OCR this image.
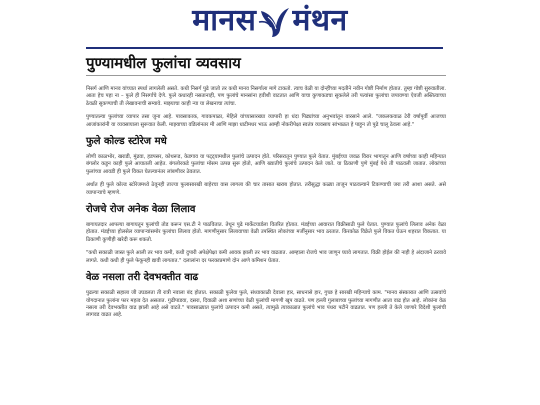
मानस मंथन
पुण्यामधील फुलांचा व्यवसाय

निसर्ग आणि मानव यांच्यात स्पर्धा लागलेली असते. कधी निसर्ग पुढे जातो तर कधी मानव निसर्गाला मागे टाकतो. त्याच वेळी या दोन्हींच्या मदतीने नवीन गोष्टी निर्माण होतात. तुम्हा गोष्टी सुरुवातीला. आता हेच पहा ना – फुले ही निसर्गाचे देणे. फुले कधारही नसतानाही, पण फुलांचे मानसांना हवीशी वाटतात आणि याचा कुणाकडचा सुकलेले तरी पत्यांसा फुलांचा जपावण्या ऐवजी अस्तित्वाच्या ठेवळी सुकण्याची ती लेखावनाची सम्यावे. माझ्याचा काही न्या या लेखनाचा त्यांचा.

पुण्यातल्या फुलांच्या व्यापार तसा जुना आहे. पावसाकाक, गावकपाळा, मेहिले यांच्यासारख्या व्यापारी हा धंदा पिढ्यांच्या अनुभवांतून वारसाने आले. "जकलकवाळ टेरी वर्षापूर्वी आजच्या आजांकारांनी या व्यवसायाला सुरूवात केली. माझ्याच्या वडिलांनतर मी आणि माझा धाटीमधर भाऊ आम्ही नोकरीपेक्षा स्वतंत्र व्यवसाय सांभाळत हे पाहून तो पुढे चालू ठेवला आहे."

फुले कोल्ड स्टोरेज मधे

लोणी काळभोर, खराडी, मुंढवा, हडपसर, कोथरूड, केडगाव या पट्ट्यामधील फुलांचे उत्पादन होते. परिसरातून पुण्यात फुले येतात. मुंबईच्या जवळ विरार भागातून आणि वर्षाच्या काही महिन्यात बंगलोर कडून काही फुले आयातली आहेत. बंगलोरकडे फुलांचा मोसम उत्पन्न सुरू होतो, आणि ख्यातीचे फुलांचे उत्पादन केले जाते. या ठिकाणी पुणे मुंबई येथे ती पाठवली जातात. लोकांच्या फुलांच्या आवडी ही फुले विकत घेतल्यानंतर लांबणीवर ठेवतात.

अर्थात ही फुले कोल्ड स्टोरेजमध्ये ठेवूनही ताज्या फुलासारखी बाहेरचा वास लागला की चार तासात खराब होतात. तरीसुद्धा कळ्या ताजून पाठवल्याने टिकण्याची जरा तरी आशा असते. असे व्यापाऱ्याचे म्हणणे.

रोजचे रोज अनेक वेळा लिलाव

बागायतदार आपल्या बागायतून फुलांची तोड करून एस.टी ने पाठवितात. तेथून पुढे मार्केटयार्डला वितरित होतात. मंडईच्या आवारात विक्रीसाठी फुले येतात. पुण्यात फुलांचे लिलाव अनेक वेळा होतात. मंडईच्या होलसेल व्यापाऱ्यांसमोर फुलांचा लिलाव होतो. मागणीनुसार लिलावाच्या वेळी उपस्थित लोकांच्या मर्जीनुसार भाव ठरतात. किरकोळ विक्रेते फुले विकत घेऊन शहरात विकतात. या ठिकाणी कुणीही खरेदी करू शकतो.

"कधी सकाळी जास्त फुले आली तर भाव कमी, कधी दुपारी अपेक्षेपेक्षा कमी आवक झाली तर भाव वाढतात. आम्हाला रोजचे भाव जाणून घ्यावे लागतात. विक्री होईल की नाही हे अंदाजाने ठरवावे लागते. कधी कधी ही फुले फेकूनही द्यावी लागतात." दलालांना दर फरकाप्रमाणे दोन आणे कमिशन घेतात.

वेळ नसला तरी देवभक्तीत वाढ

पुढल्या सकाळी सहाला जी उघडलता ती रात्री नवाला बंद होतात. सकाळी फुलेवा फुले, संध्याकाळी देवाला हार, साधनासे हार, गुच्छ हे सारखी महिन्याचे काम. "मानव संस्कारात आणि उत्सवांचे योगदानात फुलांना फार महत्व देत असतात. गुढीपाडवा, दसरा, दिवाळी अशा सणांच्या वेळी फुलांची मागणी खूप वाढते. पण हल्ली गुलाबाच्या फुलांच्या मागणीत आता वाढ होत आहे. लोकांना वेळ नसला तरी देवभक्तीत वाढ झाली आहे असे वाटते." पावसाळ्यात फुलांचे उत्पादन कमी असते, त्यामुळे त्याकाळात फुलांचे भाव पंधरा पटीने वाढतात. पण हल्ली ते केले जाणारे विदेशी फुलांची लागवड वाढत आहे.
